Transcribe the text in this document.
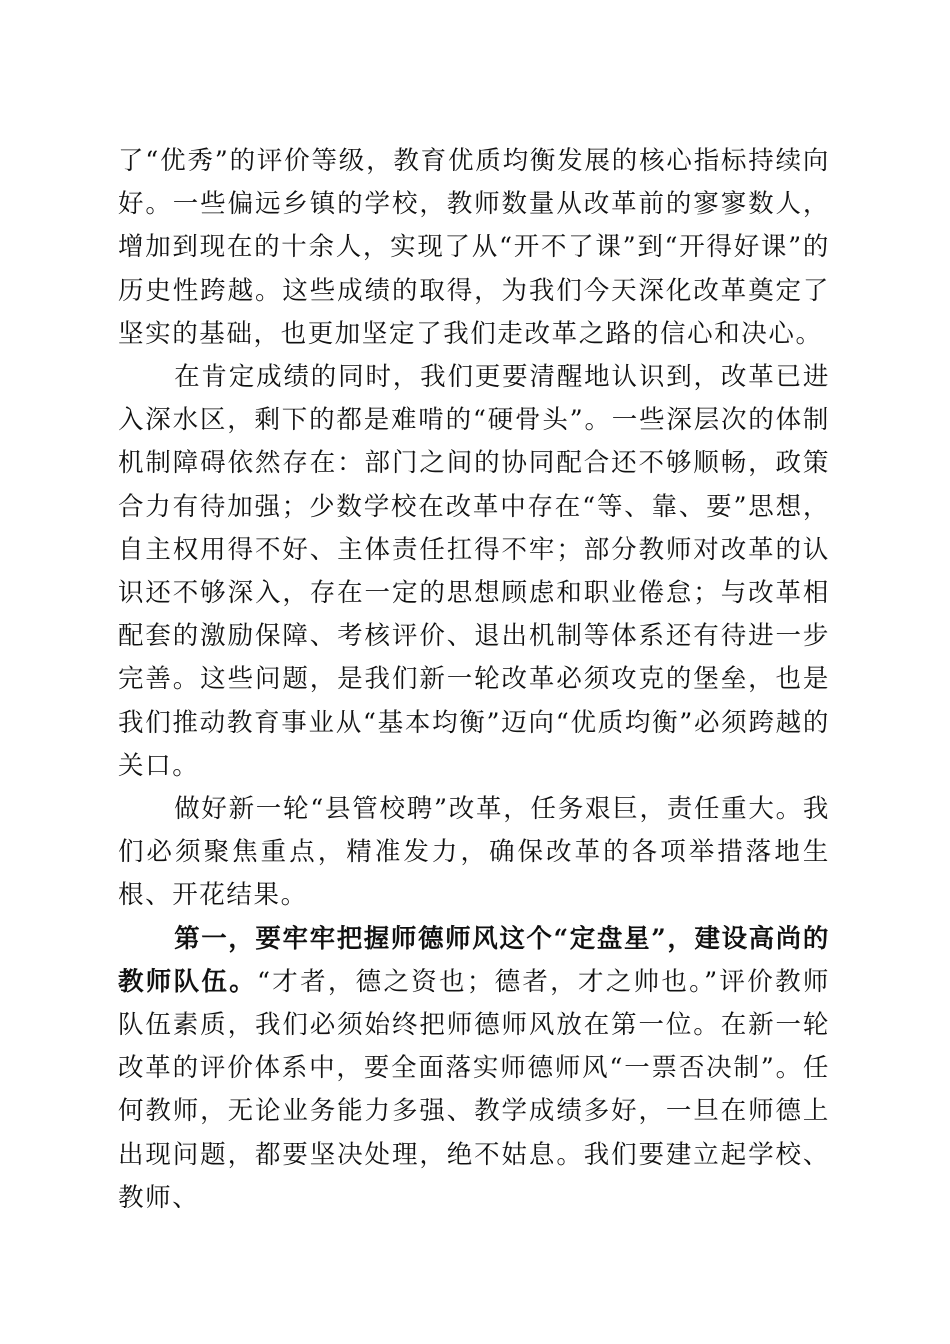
了“优秀”的评价等级，教育优质均衡发展的核心指标持续向好。一些偏远乡镇的学校，教师数量从改革前的寥寥数人，增加到现在的十余人，实现了从“开不了课”到“开得好课”的历史性跨越。这些成绩的取得，为我们今天深化改革奠定了坚实的基础，也更加坚定了我们走改革之路的信心和决心。

在肯定成绩的同时，我们更要清醒地认识到，改革已进入深水区，剩下的都是难啃的“硬骨头”。一些深层次的体制机制障碍依然存在：部门之间的协同配合还不够顺畅，政策合力有待加强；少数学校在改革中存在“等、靠、要”思想，自主权用得不好、主体责任扛得不牢；部分教师对改革的认识还不够深入，存在一定的思想顾虑和职业倦怠；与改革相配套的激励保障、考核评价、退出机制等体系还有待进一步完善。这些问题，是我们新一轮改革必须攻克的堡垒，也是我们推动教育事业从“基本均衡”迈向“优质均衡”必须跨越的关口。

做好新一轮“县管校聘”改革，任务艰巨，责任重大。我们必须聚焦重点，精准发力，确保改革的各项举措落地生根、开花结果。

第一，要牢牢把握师德师风这个“定盘星”，建设高尚的教师队伍。“才者，德之资也；德者，才之帅也。”评价教师队伍素质，我们必须始终把师德师风放在第一位。在新一轮改革的评价体系中，要全面落实师德师风“一票否决制”。任何教师，无论业务能力多强、教学成绩多好，一旦在师德上出现问题，都要坚决处理，绝不姑息。我们要建立起学校、教师、
